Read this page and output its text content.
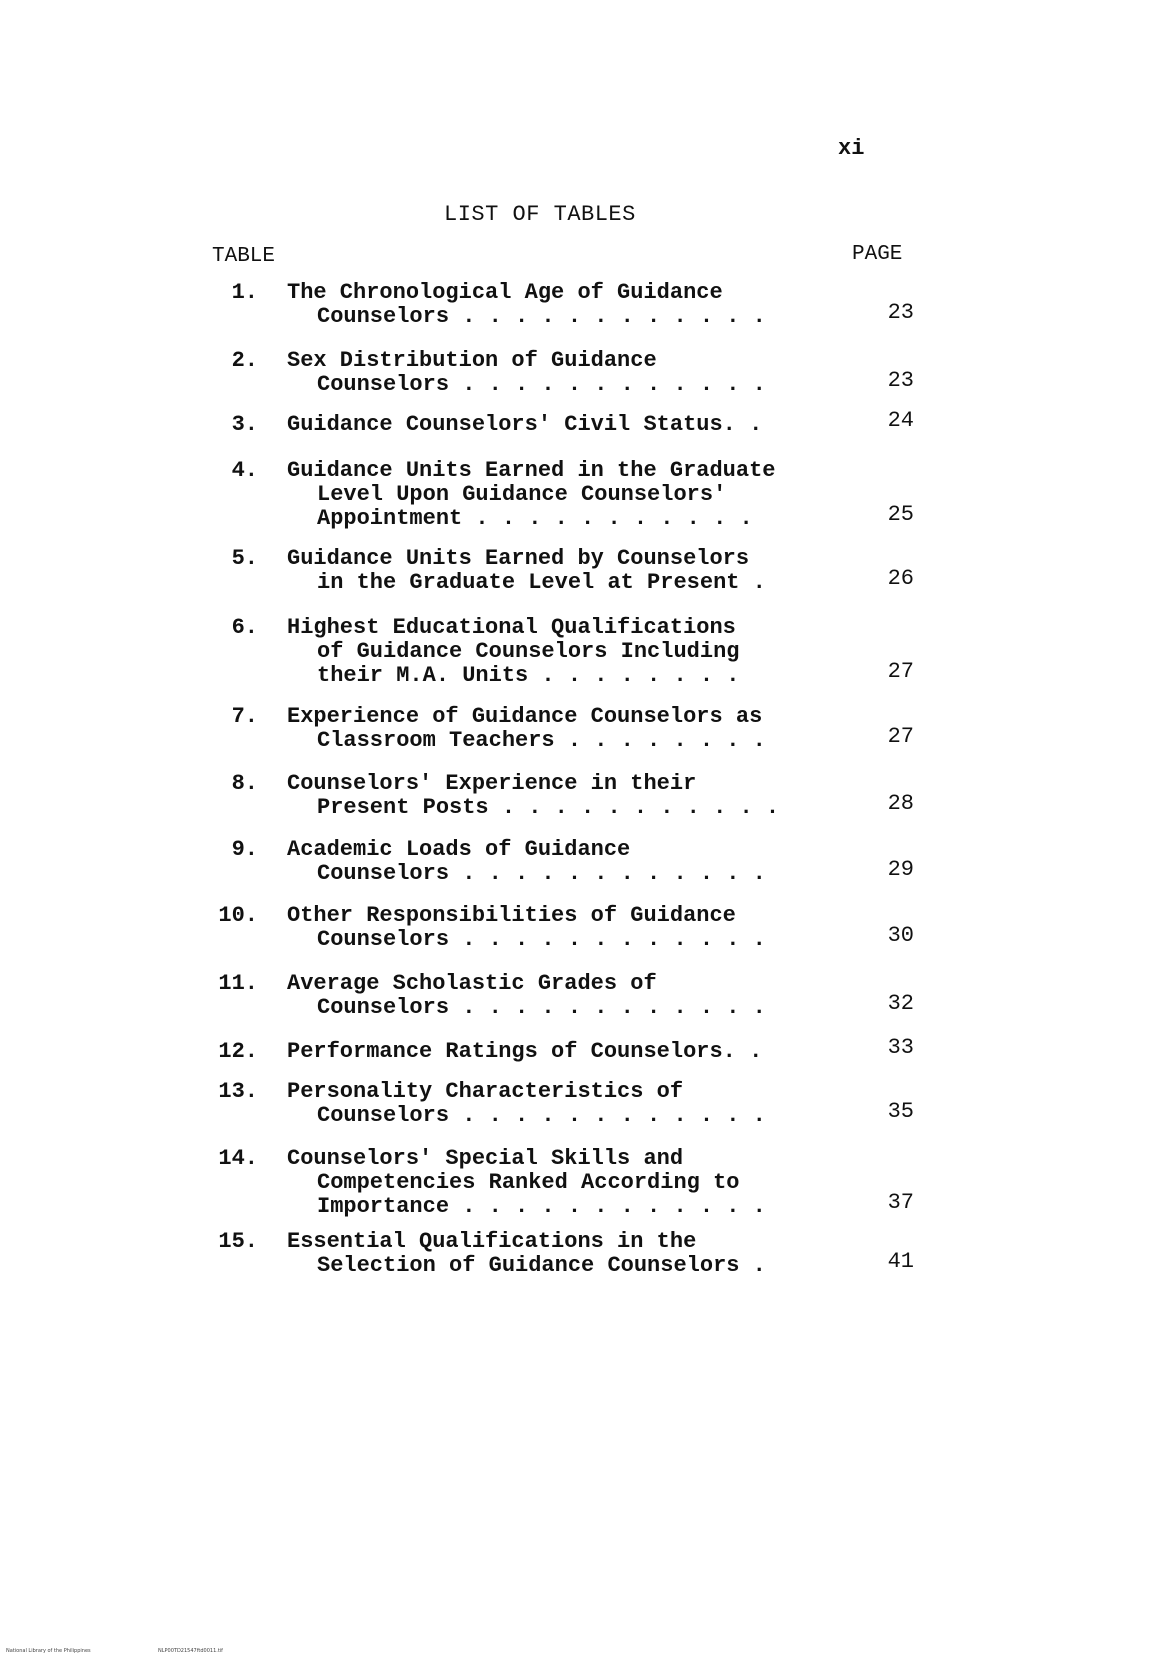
xi
LIST OF TABLES
TABLE	PAGE
1. The Chronological Age of Guidance
Counselors . . . . . . . . . . . .	23
2. Sex Distribution of Guidance
Counselors . . . . . . . . . . . .	23
3. Guidance Counselors' Civil Status. .	24
4. Guidance Units Earned in the Graduate
Level Upon Guidance Counselors'
Appointment . . . . . . . . . . .	25
5. Guidance Units Earned by Counselors
in the Graduate Level at Present .	26
6. Highest Educational Qualifications
of Guidance Counselors Including
their M.A. Units . . . . . . . .	27
7. Experience of Guidance Counselors as
Classroom Teachers . . . . . . . .	27
8. Counselors' Experience in their
Present Posts . . . . . . . . . . .	28
9. Academic Loads of Guidance
Counselors . . . . . . . . . . . .	29
10. Other Responsibilities of Guidance
Counselors . . . . . . . . . . . .	30
11. Average Scholastic Grades of
Counselors . . . . . . . . . . . .	32
12. Performance Ratings of Counselors. .	33
13. Personality Characteristics of
Counselors . . . . . . . . . . . .	35
14. Counselors' Special Skills and
Competencies Ranked According to
Importance . . . . . . . . . . . .	37
15. Essential Qualifications in the
Selection of Guidance Counselors .	41
National Library of the Philippines	NLP00TD21547ftd0011.tif
